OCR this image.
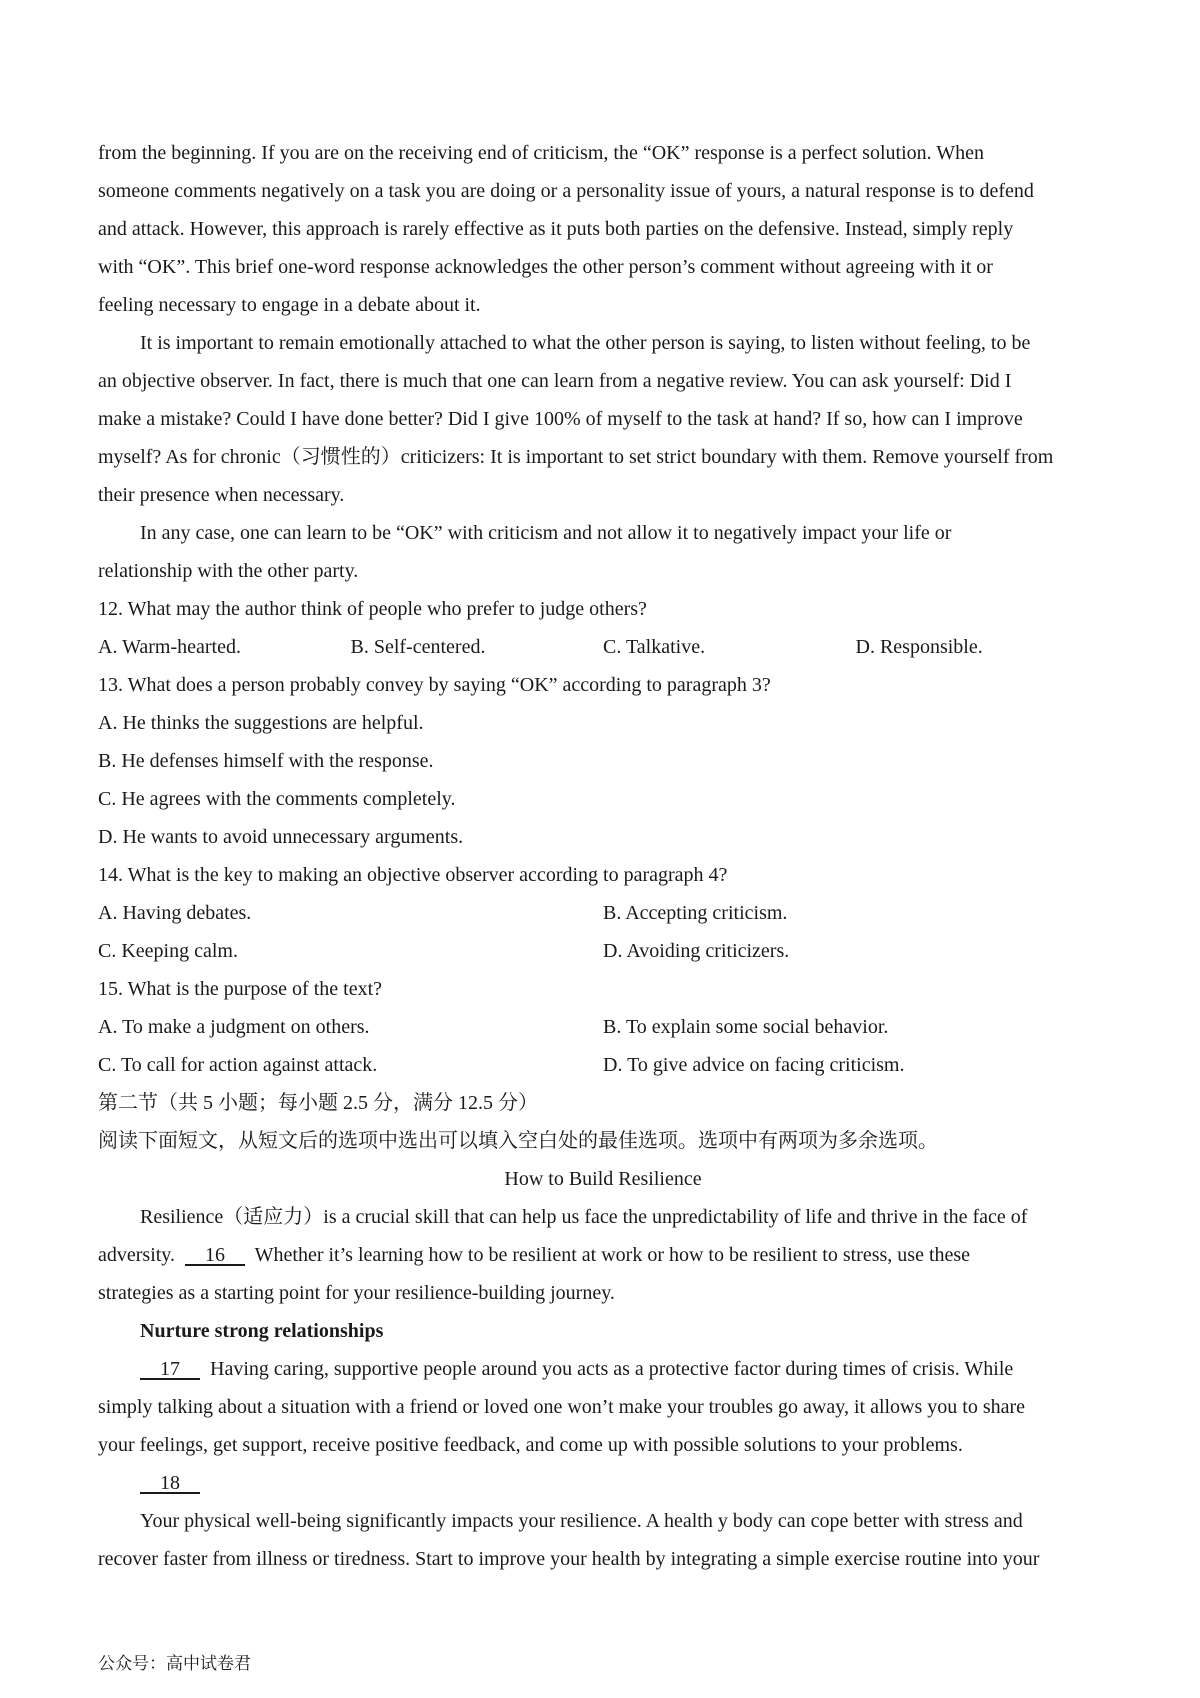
from the beginning. If you are on the receiving end of criticism, the “OK” response is a perfect solution. When
someone comments negatively on a task you are doing or a personality issue of yours, a natural response is to defend
and attack. However, this approach is rarely effective as it puts both parties on the defensive. Instead, simply reply
with “OK”. This brief one-word response acknowledges the other person’s comment without agreeing with it or
feeling necessary to engage in a debate about it.
It is important to remain emotionally attached to what the other person is saying, to listen without feeling, to be
an objective observer. In fact, there is much that one can learn from a negative review. You can ask yourself: Did I
make a mistake? Could I have done better? Did I give 100% of myself to the task at hand? If so, how can I improve
myself? As for chronic（习惯性的）criticizers: It is important to set strict boundary with them. Remove yourself from
their presence when necessary.
In any case, one can learn to be “OK” with criticism and not allow it to negatively impact your life or
relationship with the other party.
12. What may the author think of people who prefer to judge others?
A. Warm-hearted.	B. Self-centered.	C. Talkative.	D. Responsible.
13. What does a person probably convey by saying “OK” according to paragraph 3?
A. He thinks the suggestions are helpful.
B. He defenses himself with the response.
C. He agrees with the comments completely.
D. He wants to avoid unnecessary arguments.
14. What is the key to making an objective observer according to paragraph 4?
A. Having debates.	B. Accepting criticism.
C. Keeping calm.	D. Avoiding criticizers.
15. What is the purpose of the text?
A. To make a judgment on others.	B. To explain some social behavior.
C. To call for action against attack.	D. To give advice on facing criticism.
第二节（共 5 小题；每小题 2.5 分，满分 12.5 分）
阅读下面短文，从短文后的选项中选出可以填入空白处的最佳选项。选项中有两项为多余选项。
How to Build Resilience
Resilience（适应力）is a crucial skill that can help us face the unpredictability of life and thrive in the face of
adversity.      16      Whether it’s learning how to be resilient at work or how to be resilient to stress, use these
strategies as a starting point for your resilience-building journey.
Nurture strong relationships
17      Having caring, supportive people around you acts as a protective factor during times of crisis. While
simply talking about a situation with a friend or loved one won’t make your troubles go away, it allows you to share
your feelings, get support, receive positive feedback, and come up with possible solutions to your problems.
18
Your physical well-being significantly impacts your resilience. A health y body can cope better with stress and
recover faster from illness or tiredness. Start to improve your health by integrating a simple exercise routine into your
公众号：高中试卷君
